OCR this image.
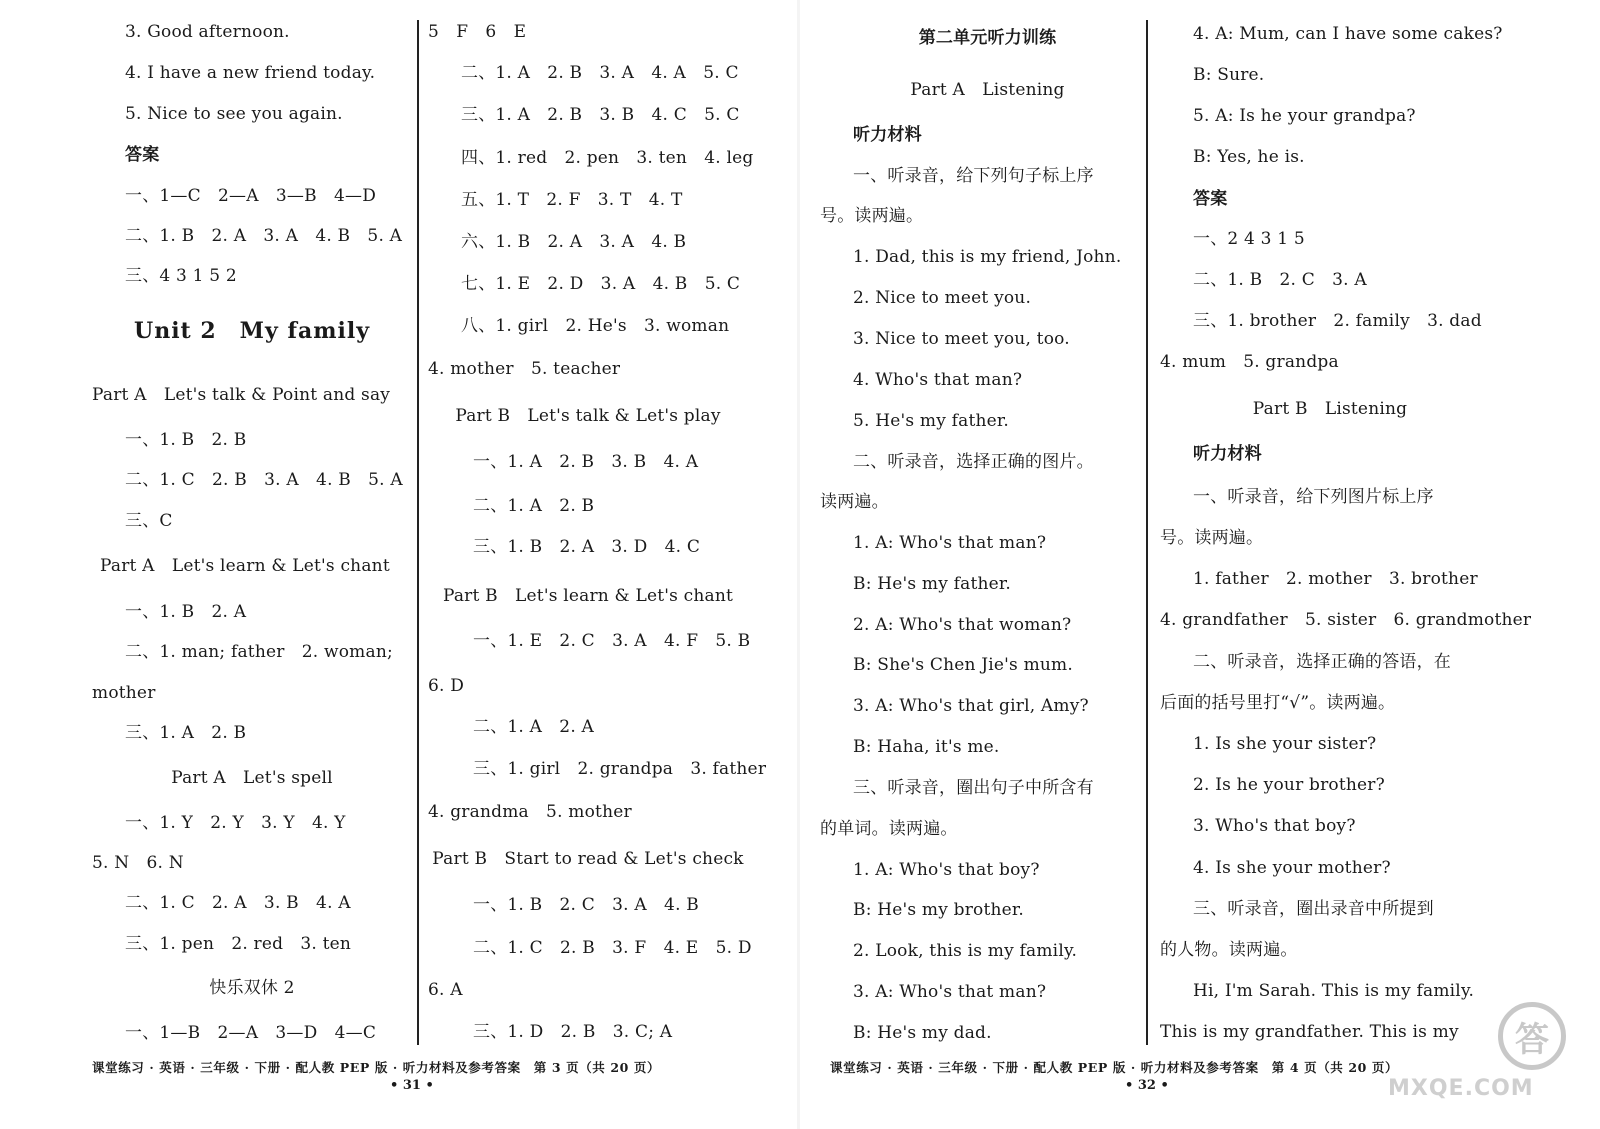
3. Good afternoon.
4. I have a new friend today.
5. Nice to see you again.
答案
一、1—C　2—A　3—B　4—D
二、1. B　2. A　3. A　4. B　5. A
三、4 3 1 5 2
Unit 2　My family
Part A　Let's talk & Point and say
一、1. B　2. B
二、1. C　2. B　3. A　4. B　5. A
三、C
Part A　Let's learn & Let's chant
一、1. B　2. A
二、1. man; father　2. woman;
mother
三、1. A　2. B
Part A　Let's spell
一、1. Y　2. Y　3. Y　4. Y
5. N　6. N
二、1. C　2. A　3. B　4. A
三、1. pen　2. red　3. ten
快乐双休 2
一、1—B　2—A　3—D　4—C
5　F　6　E
二、1. A　2. B　3. A　4. A　5. C
三、1. A　2. B　3. B　4. C　5. C
四、1. red　2. pen　3. ten　4. leg
五、1. T　2. F　3. T　4. T
六、1. B　2. A　3. A　4. B
七、1. E　2. D　3. A　4. B　5. C
八、1. girl　2. He's　3. woman
4. mother　5. teacher
Part B　Let's talk & Let's play
一、1. A　2. B　3. B　4. A
二、1. A　2. B
三、1. B　2. A　3. D　4. C
Part B　Let's learn & Let's chant
一、1. E　2. C　3. A　4. F　5. B
6. D
二、1. A　2. A
三、1. girl　2. grandpa　3. father
4. grandma　5. mother
Part B　Start to read & Let's check
一、1. B　2. C　3. A　4. B
二、1. C　2. B　3. F　4. E　5. D
6. A
三、1. D　2. B　3. C; A
课堂练习 · 英语 · 三年级 · 下册 · 配人教 PEP 版 · 听力材料及参考答案　第 3 页（共 20 页）
• 31 •
第二单元听力训练
Part A　Listening
听力材料
一、听录音，给下列句子标上序
号。读两遍。
1. Dad, this is my friend, John.
2. Nice to meet you.
3. Nice to meet you, too.
4. Who's that man?
5. He's my father.
二、听录音，选择正确的图片。
读两遍。
1. A: Who's that man?
B: He's my father.
2. A: Who's that woman?
B: She's Chen Jie's mum.
3. A: Who's that girl, Amy?
B: Haha, it's me.
三、听录音，圈出句子中所含有
的单词。读两遍。
1. A: Who's that boy?
B: He's my brother.
2. Look, this is my family.
3. A: Who's that man?
B: He's my dad.
4. A: Mum, can I have some cakes?
B: Sure.
5. A: Is he your grandpa?
B: Yes, he is.
答案
一、2 4 3 1 5
二、1. B　2. C　3. A
三、1. brother　2. family　3. dad
4. mum　5. grandpa
Part B　Listening
听力材料
一、听录音，给下列图片标上序
号。读两遍。
1. father　2. mother　3. brother
4. grandfather　5. sister　6. grandmother
二、听录音，选择正确的答语，在
后面的括号里打“√”。读两遍。
1. Is she your sister?
2. Is he your brother?
3. Who's that boy?
4. Is she your mother?
三、听录音，圈出录音中所提到
的人物。读两遍。
Hi, I'm Sarah. This is my family.
This is my grandfather. This is my
课堂练习 · 英语 · 三年级 · 下册 · 配人教 PEP 版 · 听力材料及参考答案　第 4 页（共 20 页）
• 32 •
答
MXQE.COM
